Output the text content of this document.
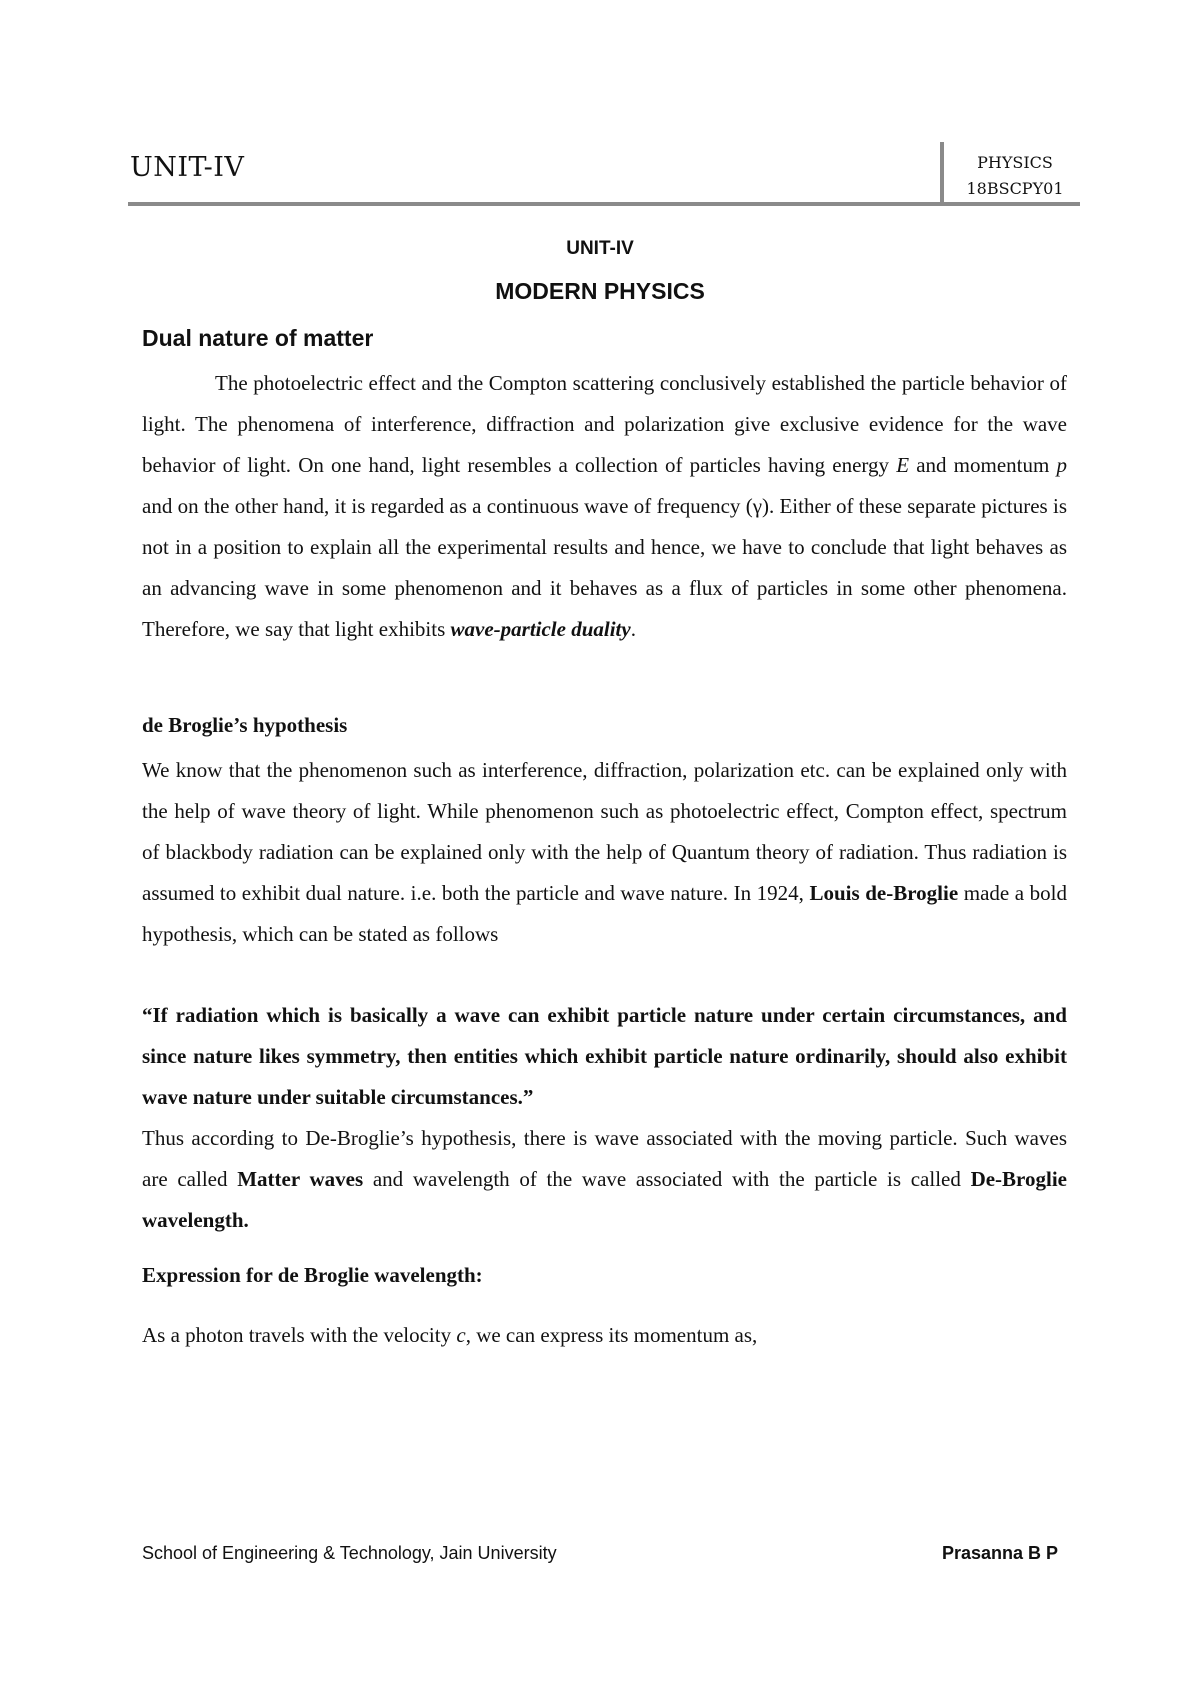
UNIT-IV	PHYSICS
18BSCPY01
UNIT-IV
MODERN PHYSICS
Dual nature of matter

The photoelectric effect and the Compton scattering conclusively established the particle behavior of light. The phenomena of interference, diffraction and polarization give exclusive evidence for the wave behavior of light. On one hand, light resembles a collection of particles having energy E and momentum p and on the other hand, it is regarded as a continuous wave of frequency (γ). Either of these separate pictures is not in a position to explain all the experimental results and hence, we have to conclude that light behaves as an advancing wave in some phenomenon and it behaves as a flux of particles in some other phenomena. Therefore, we say that light exhibits wave-particle duality.

de Broglie’s hypothesis

We know that the phenomenon such as interference, diffraction, polarization etc. can be explained only with the help of wave theory of light. While phenomenon such as photoelectric effect, Compton effect, spectrum of blackbody radiation can be explained only with the help of Quantum theory of radiation. Thus radiation is assumed to exhibit dual nature. i.e. both the particle and wave nature. In 1924, Louis de-Broglie made a bold hypothesis, which can be stated as follows

“If radiation which is basically a wave can exhibit particle nature under certain circumstances, and since nature likes symmetry, then entities which exhibit particle nature ordinarily, should also exhibit wave nature under suitable circumstances.”

Thus according to De-Broglie’s hypothesis, there is wave associated with the moving particle. Such waves are called Matter waves and wavelength of the wave associated with the particle is called De-Broglie wavelength.

Expression for de Broglie wavelength:

As a photon travels with the velocity c, we can express its momentum as,

School of Engineering & Technology, Jain University	Prasanna B P
